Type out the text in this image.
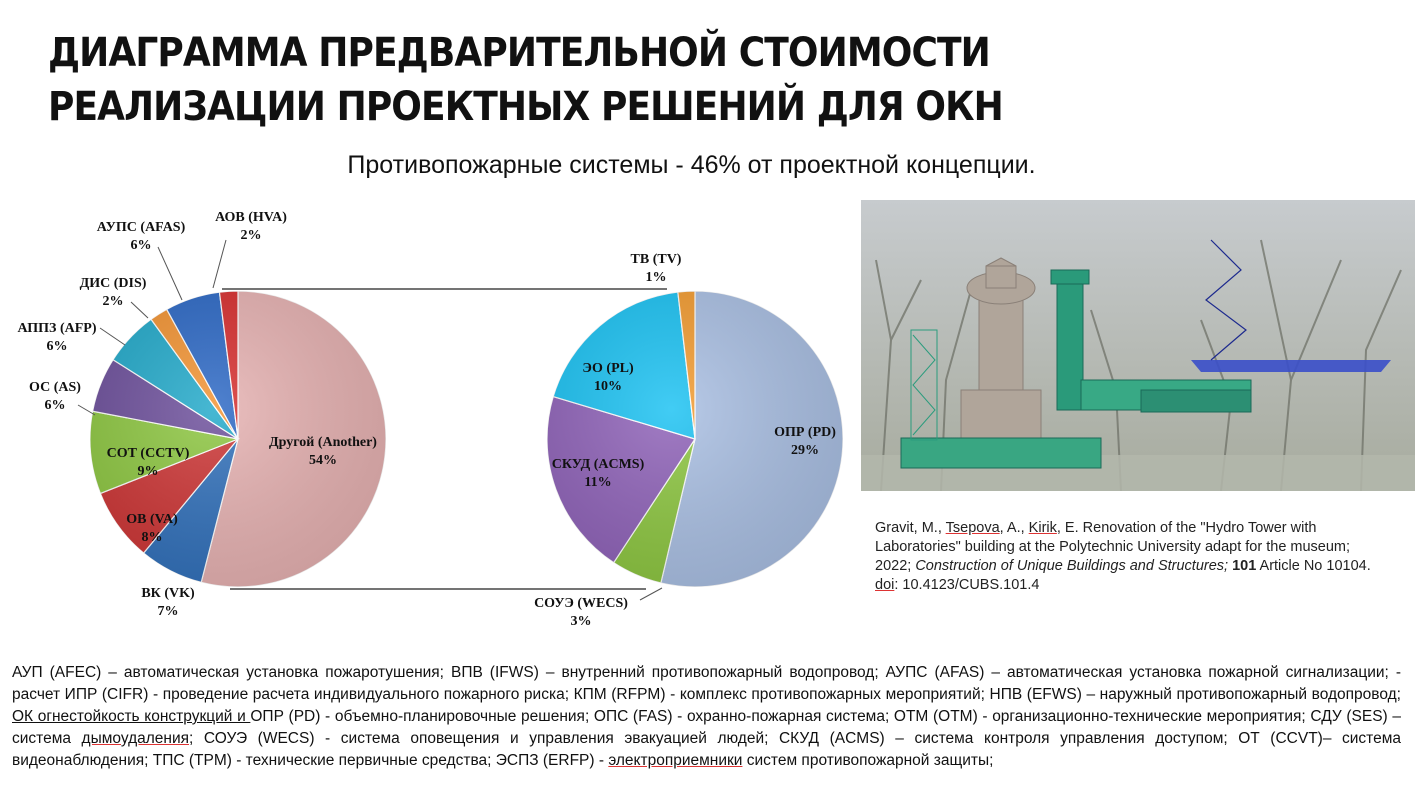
ДИАГРАММА ПРЕДВАРИТЕЛЬНОЙ СТОИМОСТИ РЕАЛИЗАЦИИ ПРОЕКТНЫХ РЕШЕНИЙ ДЛЯ ОКН
Противопожарные системы - 46% от проектной концепции.
Другой (Another)
54%
ВК (VK)
7%
ОВ (VA)
8%
СОТ (CCTV)
9%
ОС (AS)
6%
АППЗ (AFP)
6%
ДИС (DIS)
2%
АУПС (AFAS)
6%
АОВ (HVA)
2%
ОПР (PD)
29%
СОУЭ (WECS)
3%
СКУД (ACMS)
11%
ЭО (PL)
10%
ТВ (TV)
1%
Gravit, M., Tsepova, A., Kirik, E. Renovation of the "Hydro Tower with Laboratories" building at the Polytechnic University adapt for the museum; 2022; Construction of Unique Buildings and Structures; 101 Article No 10104. doi: 10.4123/CUBS.101.4

АУП (AFEC) – автоматическая установка пожаротушения; ВПВ (IFWS) – внутренний противопожарный водопровод; АУПС (AFAS) – автоматическая установка пожарной сигнализации; - расчет ИПР (CIFR) - проведение расчета индивидуального пожарного риска; КПМ (RFPM) - комплекс противопожарных мероприятий; НПВ (EFWS) – наружный противопожарный водопровод; ОК огнестойкость конструкций и ОПР (PD) - объемно-планировочные решения; ОПС (FAS) - охранно-пожарная система; ОТМ (OTM) - организационно-технические мероприятия; СДУ (SES) – система дымоудаления; СОУЭ (WECS) - система оповещения и управления эвакуацией людей; СКУД (ACMS) – система контроля управления доступом; ОТ (CCVT)– система видеонаблюдения; ТПС (TPM) - технические первичные средства; ЭСПЗ (ERFP) - электроприемники систем противопожарной защиты;
